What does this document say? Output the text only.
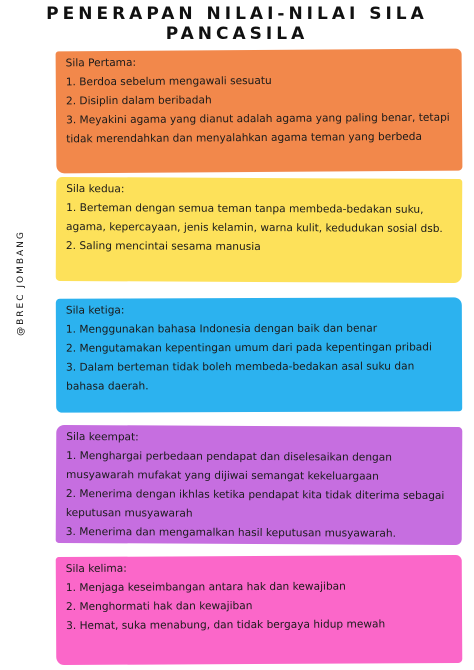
PENERAPAN NILAI-NILAI SILA
PANCASILA
@BREC JOMBANG
Sila Pertama:
1. Berdoa sebelum mengawali sesuatu
2. Disiplin dalam beribadah
3. Meyakini agama yang dianut adalah agama yang paling benar, tetapi tidak merendahkan dan menyalahkan agama teman yang berbeda
Sila kedua:
1. Berteman dengan semua teman tanpa membeda-bedakan suku, agama, kepercayaan, jenis kelamin, warna kulit, kedudukan sosial dsb.
2. Saling mencintai sesama manusia
Sila ketiga:
1. Menggunakan bahasa Indonesia dengan baik dan benar
2. Mengutamakan kepentingan umum dari pada kepentingan pribadi
3. Dalam berteman tidak boleh membeda-bedakan asal suku dan bahasa daerah.
Sila keempat:
1. Menghargai perbedaan pendapat dan diselesaikan dengan musyawarah mufakat yang dijiwai semangat kekeluargaan
2. Menerima dengan ikhlas ketika pendapat kita tidak diterima sebagai keputusan musyawarah
3. Menerima dan mengamalkan hasil keputusan musyawarah.
Sila kelima:
1. Menjaga keseimbangan antara hak dan kewajiban
2. Menghormati hak dan kewajiban
3. Hemat, suka menabung, dan tidak bergaya hidup mewah
